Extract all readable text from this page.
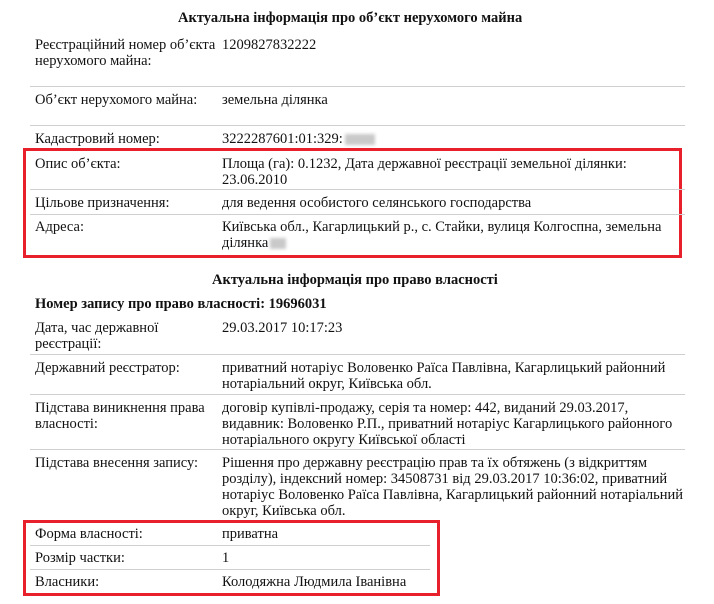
Актуальна інформація про об’єкт нерухомого майна
Реєстраційний номер об’єкта нерухомого майна:
1209827832222
Об’єкт нерухомого майна:	земельна ділянка
Кадастровий номер:	3222287601:01:329:
Опис об’єкта:	Площа (га): 0.1232, Дата державної реєстрації земельної ділянки: 23.06.2010
Цільове призначення:	для ведення особистого селянського господарства
Адреса:	Київська обл., Кагарлицький р., с. Стайки, вулиця Колгоспна, земельна ділянка
Актуальна інформація про право власності
Номер запису про право власності: 19696031
Дата, час державної реєстрації:
29.03.2017 10:17:23
Державний реєстратор:	приватний нотаріус Воловенко Раїса Павлівна, Кагарлицький районний нотаріальний округ, Київська обл.
Підстава виникнення права власності:
договір купівлі-продажу, серія та номер: 442, виданий 29.03.2017, видавник: Воловенко Р.П., приватний нотаріус Кагарлицького районного нотаріального округу Київської області
Підстава внесення запису:	Рішення про державну реєстрацію прав та їх обтяжень (з відкриттям розділу), індексний номер: 34508731 від 29.03.2017 10:36:02, приватний нотаріус Воловенко Раїса Павлівна, Кагарлицький районний нотаріальний округ, Київська обл.
Форма власності:	приватна
Розмір частки:	1
Власники:	Колодяжна Людмила Іванівна
